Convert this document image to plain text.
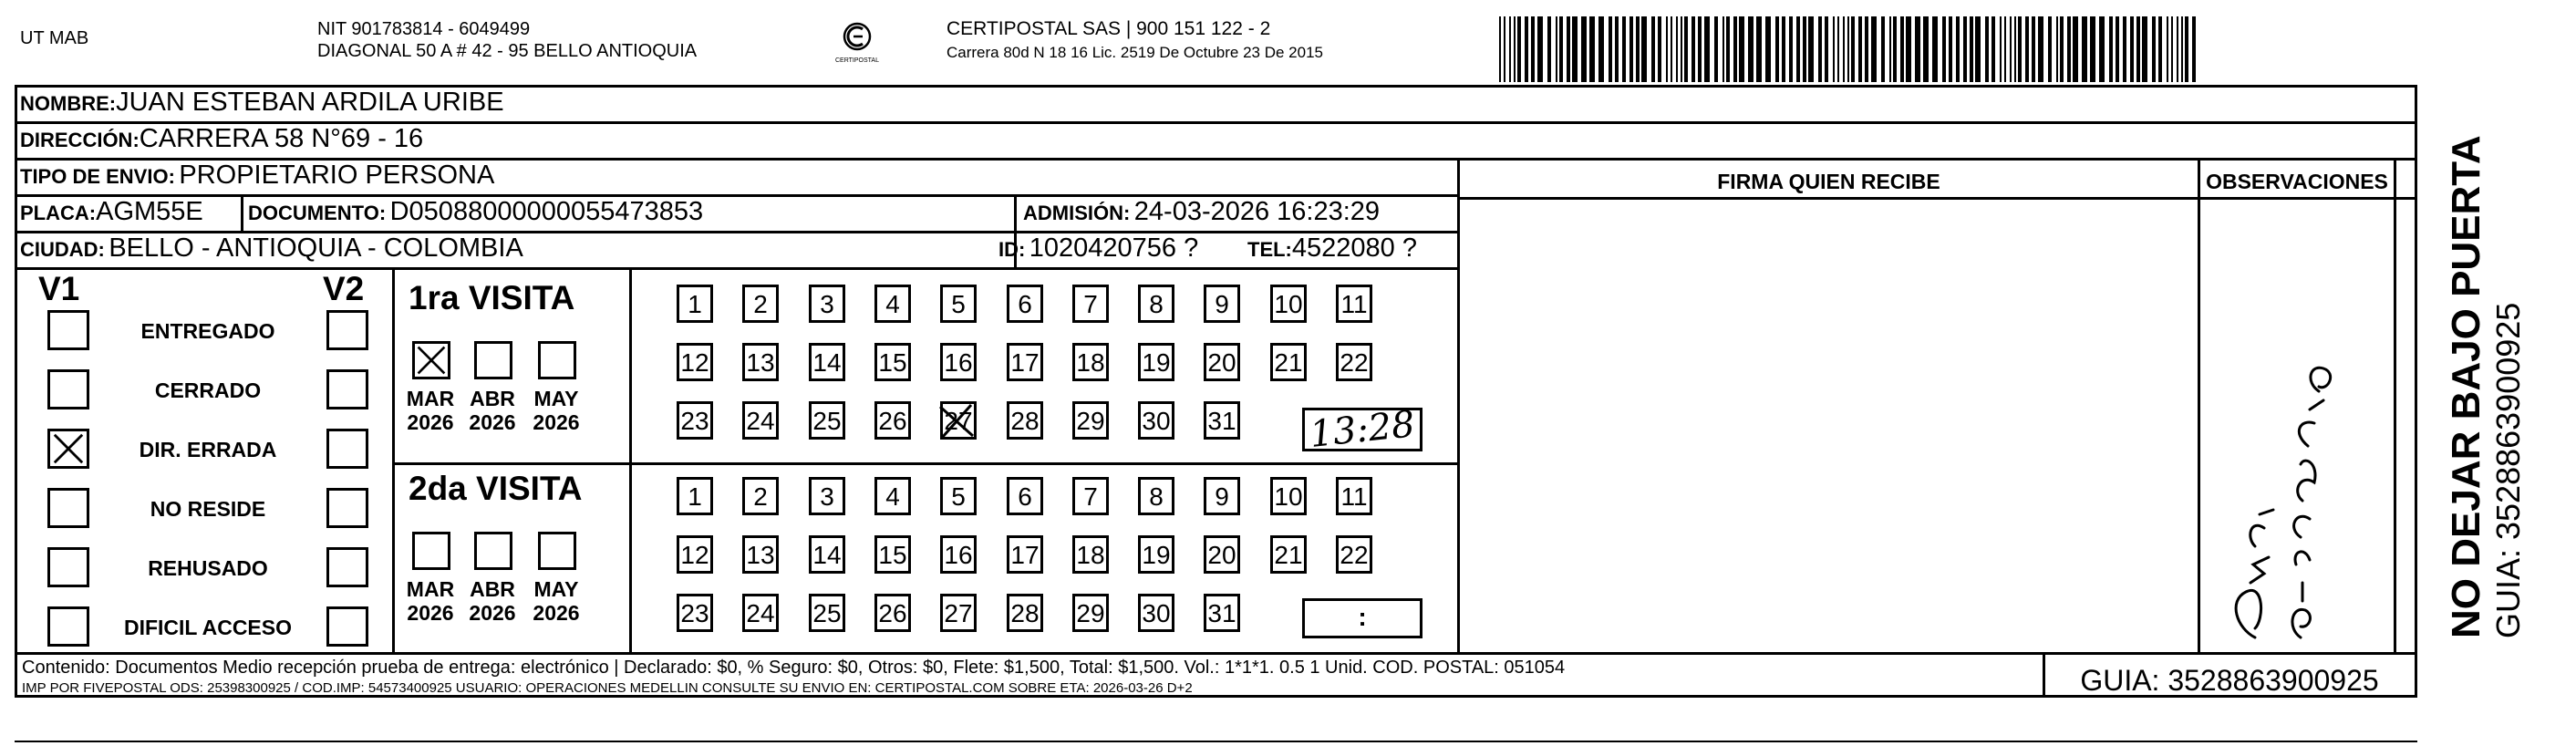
UT MAB	NIT 901783814 - 6049499
DIAGONAL 50 A # 42 - 95 BELLO ANTIOQUIA	CERTIPOSTAL
CERTIPOSTAL SAS | 900 151 122 - 2
Carrera 80d N 18 16 Lic. 2519 De Octubre 23 De 2015
NOMBRE:JUAN ESTEBAN ARDILA URIBE
DIRECCIÓN:CARRERA 58 N°69 - 16
TIPO DE ENVIO: PROPIETARIO PERSONA
PLACA:AGM55E DOCUMENTO: D05088000000055473853	ADMISIÓN: 24-03-2026 16:23:29
CIUDAD: BELLO - ANTIOQUIA - COLOMBIA	ID: 1020420756 ? TEL:4522080 ?
FIRMA QUIEN RECIBE	OBSERVACIONES
V1	V2
ENTREGADO
CERRADO
DIR. ERRADA
NO RESIDE
REHUSADO
DIFICIL ACCESO
1ra VISITA
2da VISITA
MAR
2026
ABR
2026
MAY
2026
MAR
2026
ABR
2026
MAY
2026
1	2	3	4	5	6	7	8	9	10 11
12 13 14 15 16 17 18 19 20 21 22
23 24 25 26 27 28 29 30 31
1	2	3	4	5	6	7	8	9	10 11
12 13 14 15 16 17 18 19 20 21 22
23 24 25 26 27 28 29 30 31
13:28
:
Contenido: Documentos Medio recepción prueba de entrega: electrónico | Declarado: $0, % Seguro: $0, Otros: $0, Flete: $1,500, Total: $1,500. Vol.: 1*1*1. 0.5 1 Unid. COD. POSTAL: 051054
IMP POR FIVEPOSTAL ODS: 25398300925 / COD.IMP: 54573400925 USUARIO: OPERACIONES MEDELLIN CONSULTE SU ENVIO EN: CERTIPOSTAL.COM SOBRE ETA: 2026-03-26 D+2	GUIA: 3528863900925
NO DEJAR BAJO PUERTA GUIA: 3528863900925
